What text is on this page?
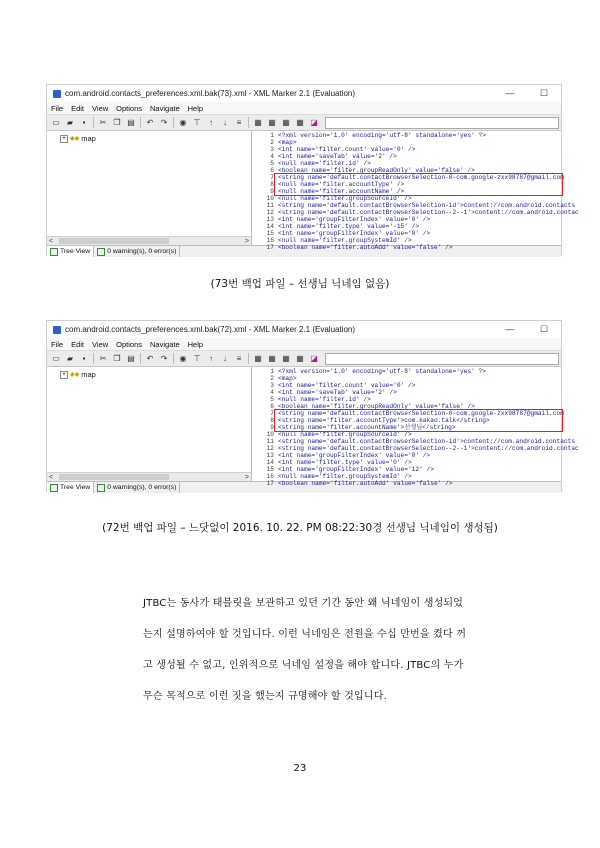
com.android.contacts_preferences.xml.bak(73).xml - XML Marker 2.1 (Evaluation)	—	☐
File Edit View Options Navigate Help
▭ ▰	▪	✂ ❐ ▤ ↶ ↷ ◉ ⊤	↑	↓	≡	▦ ▦ ▦ ▦ ◪
+ ◆◆ map
<	>
1 <?xml version='1.0' encoding='utf-8' standalone='yes' ?>
2 <map>
3 <int name='filter.count' value='0' />
4 <int name='saveTab' value='2' />
5 <null name='filter.id' />
6 <boolean name='filter.groupReadOnly' value='false' />
7 <string name='default.contactBrowserSelection-0-com.google-zxx98787@gmail.com
8 <null name='filter.accountType' />
9 <null name='filter.accountName' />
10 <null name='filter.groupSourceId' />
11 <string name='default.contactBrowserSelection-id'>content://com.android.contacts
12 <string name='default.contactBrowserSelection--2--1'>content://com.android.contac
13 <int name='groupFilterIndex' value='0' />
14 <int name='filter.type' value='-15' />
15 <int name='groupFilterIndex' value='0' />
16 <null name='filter.groupSystemId' />
17 <boolean name='filter.autoAdd' value='false' />
Tree View	0 warning(s), 0 error(s)
(73번 백업 파일 – 선생님 닉네임 없음)
com.android.contacts_preferences.xml.bak(72).xml - XML Marker 2.1 (Evaluation)	—	☐
File Edit View Options Navigate Help
▭ ▰	▪	✂ ❐ ▤ ↶ ↷ ◉ ⊤	↑	↓	≡	▦ ▦ ▦ ▦ ◪
+ ◆◆ map
<	>
1 <?xml version='1.0' encoding='utf-8' standalone='yes' ?>
2 <map>
3 <int name='filter.count' value='0' />
4 <int name='saveTab' value='2' />
5 <null name='filter.id' />
6 <boolean name='filter.groupReadOnly' value='false' />
7 <string name='default.contactBrowserSelection-0-com.google-zxx98787@gmail.com
8 <string name='filter.accountType'>com.kakao.talk</string>
9 <string name='filter.accountName'>선생님</string>
10 <null name='filter.groupSourceId' />
11 <string name='default.contactBrowserSelection-id'>content://com.android.contacts
12 <string name='default.contactBrowserSelection--2--1'>content://com.android.contac
13 <int name='groupFilterIndex' value='0' />
14 <int name='filter.type' value='0' />
15 <int name='groupFilterIndex' value='12' />
16 <null name='filter.groupSystemId' />
17 <boolean name='filter.autoAdd' value='false' />
Tree View	0 warning(s), 0 error(s)
(72번 백업 파일 – 느닷없이 2016. 10. 22. PM 08:22:30경 선생님 닉네임이 생성됨)
JTBC는 동사가 태블릿을 보관하고 있던 기간 동안 왜 닉네임이 생성되었
는지 설명하여야 할 것입니다. 이런 닉네임은 전원을 수십 만번을 켰다 꺼
고 생성될 수 없고, 인위적으로 닉네임 설정을 해야 합니다. JTBC의 누가
무슨 목적으로 이런 짓을 했는지 규명해야 할 것입니다.
23
